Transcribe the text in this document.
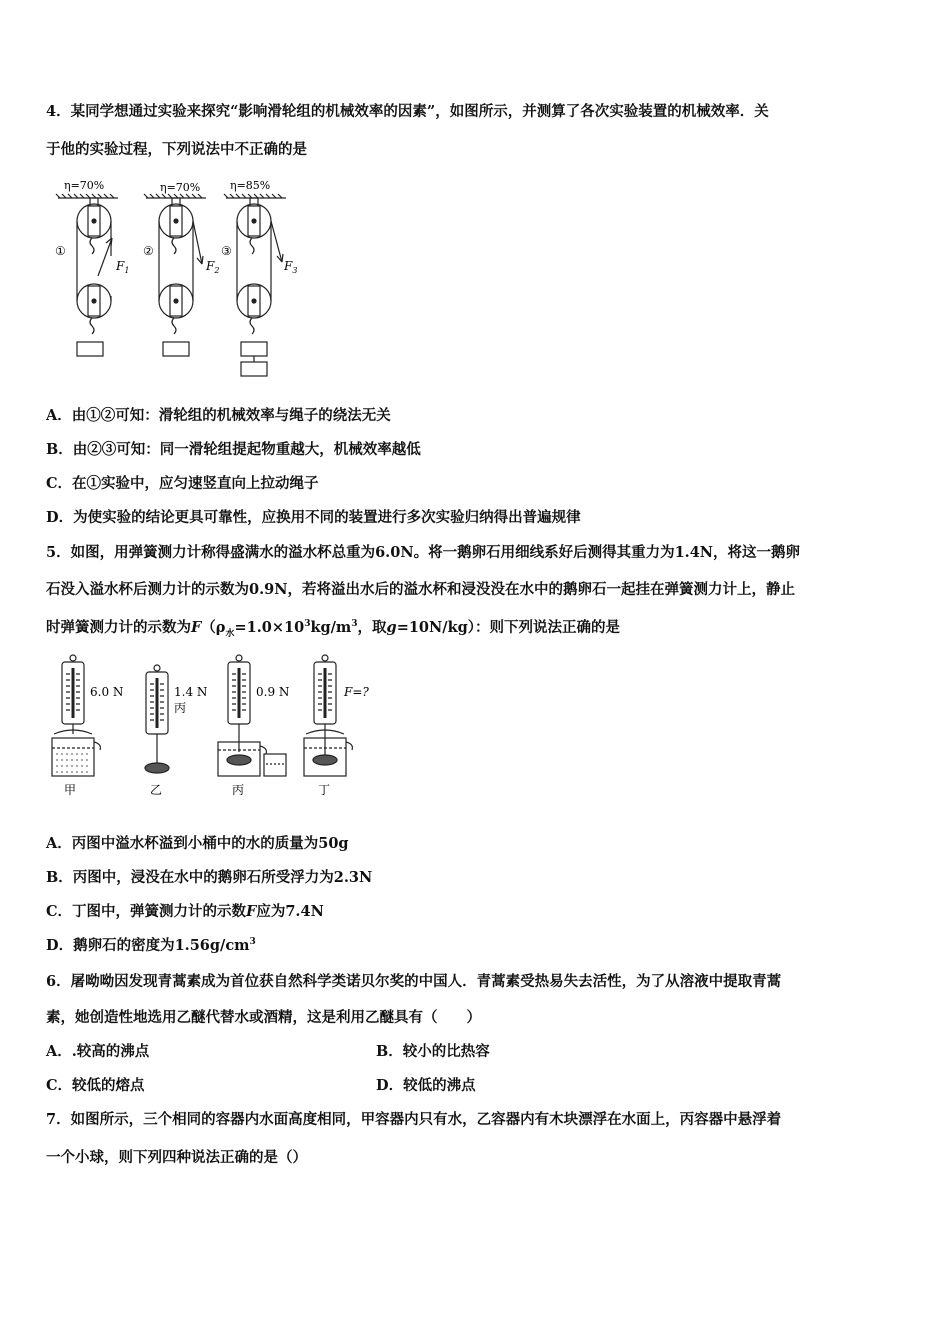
4．某同学想通过实验来探究“影响滑轮组的机械效率的因素”，如图所示，并测算了各次实验装置的机械效率．关
于他的实验过程，下列说法中不正确的是
η=70%	η=70%	η=85%
①
$F_1$
②
$F_2$
③
$F_3$
A．由①②可知：滑轮组的机械效率与绳子的绕法无关
B．由②③可知：同一滑轮组提起物重越大，机械效率越低
C．在①实验中，应匀速竖直向上拉动绳子
D．为使实验的结论更具可靠性，应换用不同的装置进行多次实验归纳得出普遍规律
5．如图，用弹簧测力计称得盛满水的溢水杯总重为6.0N。将一鹅卵石用细线系好后测得其重力为1.4N，将这一鹅卵
石没入溢水杯后测力计的示数为0.9N，若将溢出水后的溢水杯和浸没没在水中的鹅卵石一起挂在弹簧测力计上，静止
时弹簧测力计的示数为$F(\rho_水=1.0\times 10^3kg/m^3$，取g=10N/kg）：则下列说法正确的是
6.0 N
甲
1.4 N
丙
乙
0.9 N
丙
F=?
丁
A．丙图中溢水杯溢到小桶中的水的质量为50g
B．丙图中，浸没在水中的鹅卵石所受浮力为2.3N
C．丁图中，弹簧测力计的示数F应为7.4N
D．鹅卵石的密度为$1.56g/cm^3$
6．屠呦呦因发现青蒿素成为首位获自然科学类诺贝尔奖的中国人．青蒿素受热易失去活性，为了从溶液中提取青蒿
素，她创造性地选用乙醚代替水或酒精，这是利用乙醚具有（　　）
A．.较高的沸点	B．较小的比热容
C．较低的熔点	D．较低的沸点
7．如图所示，三个相同的容器内水面高度相同，甲容器内只有水，乙容器内有木块漂浮在水面上，丙容器中悬浮着
一个小球，则下列四种说法正确的是（）
